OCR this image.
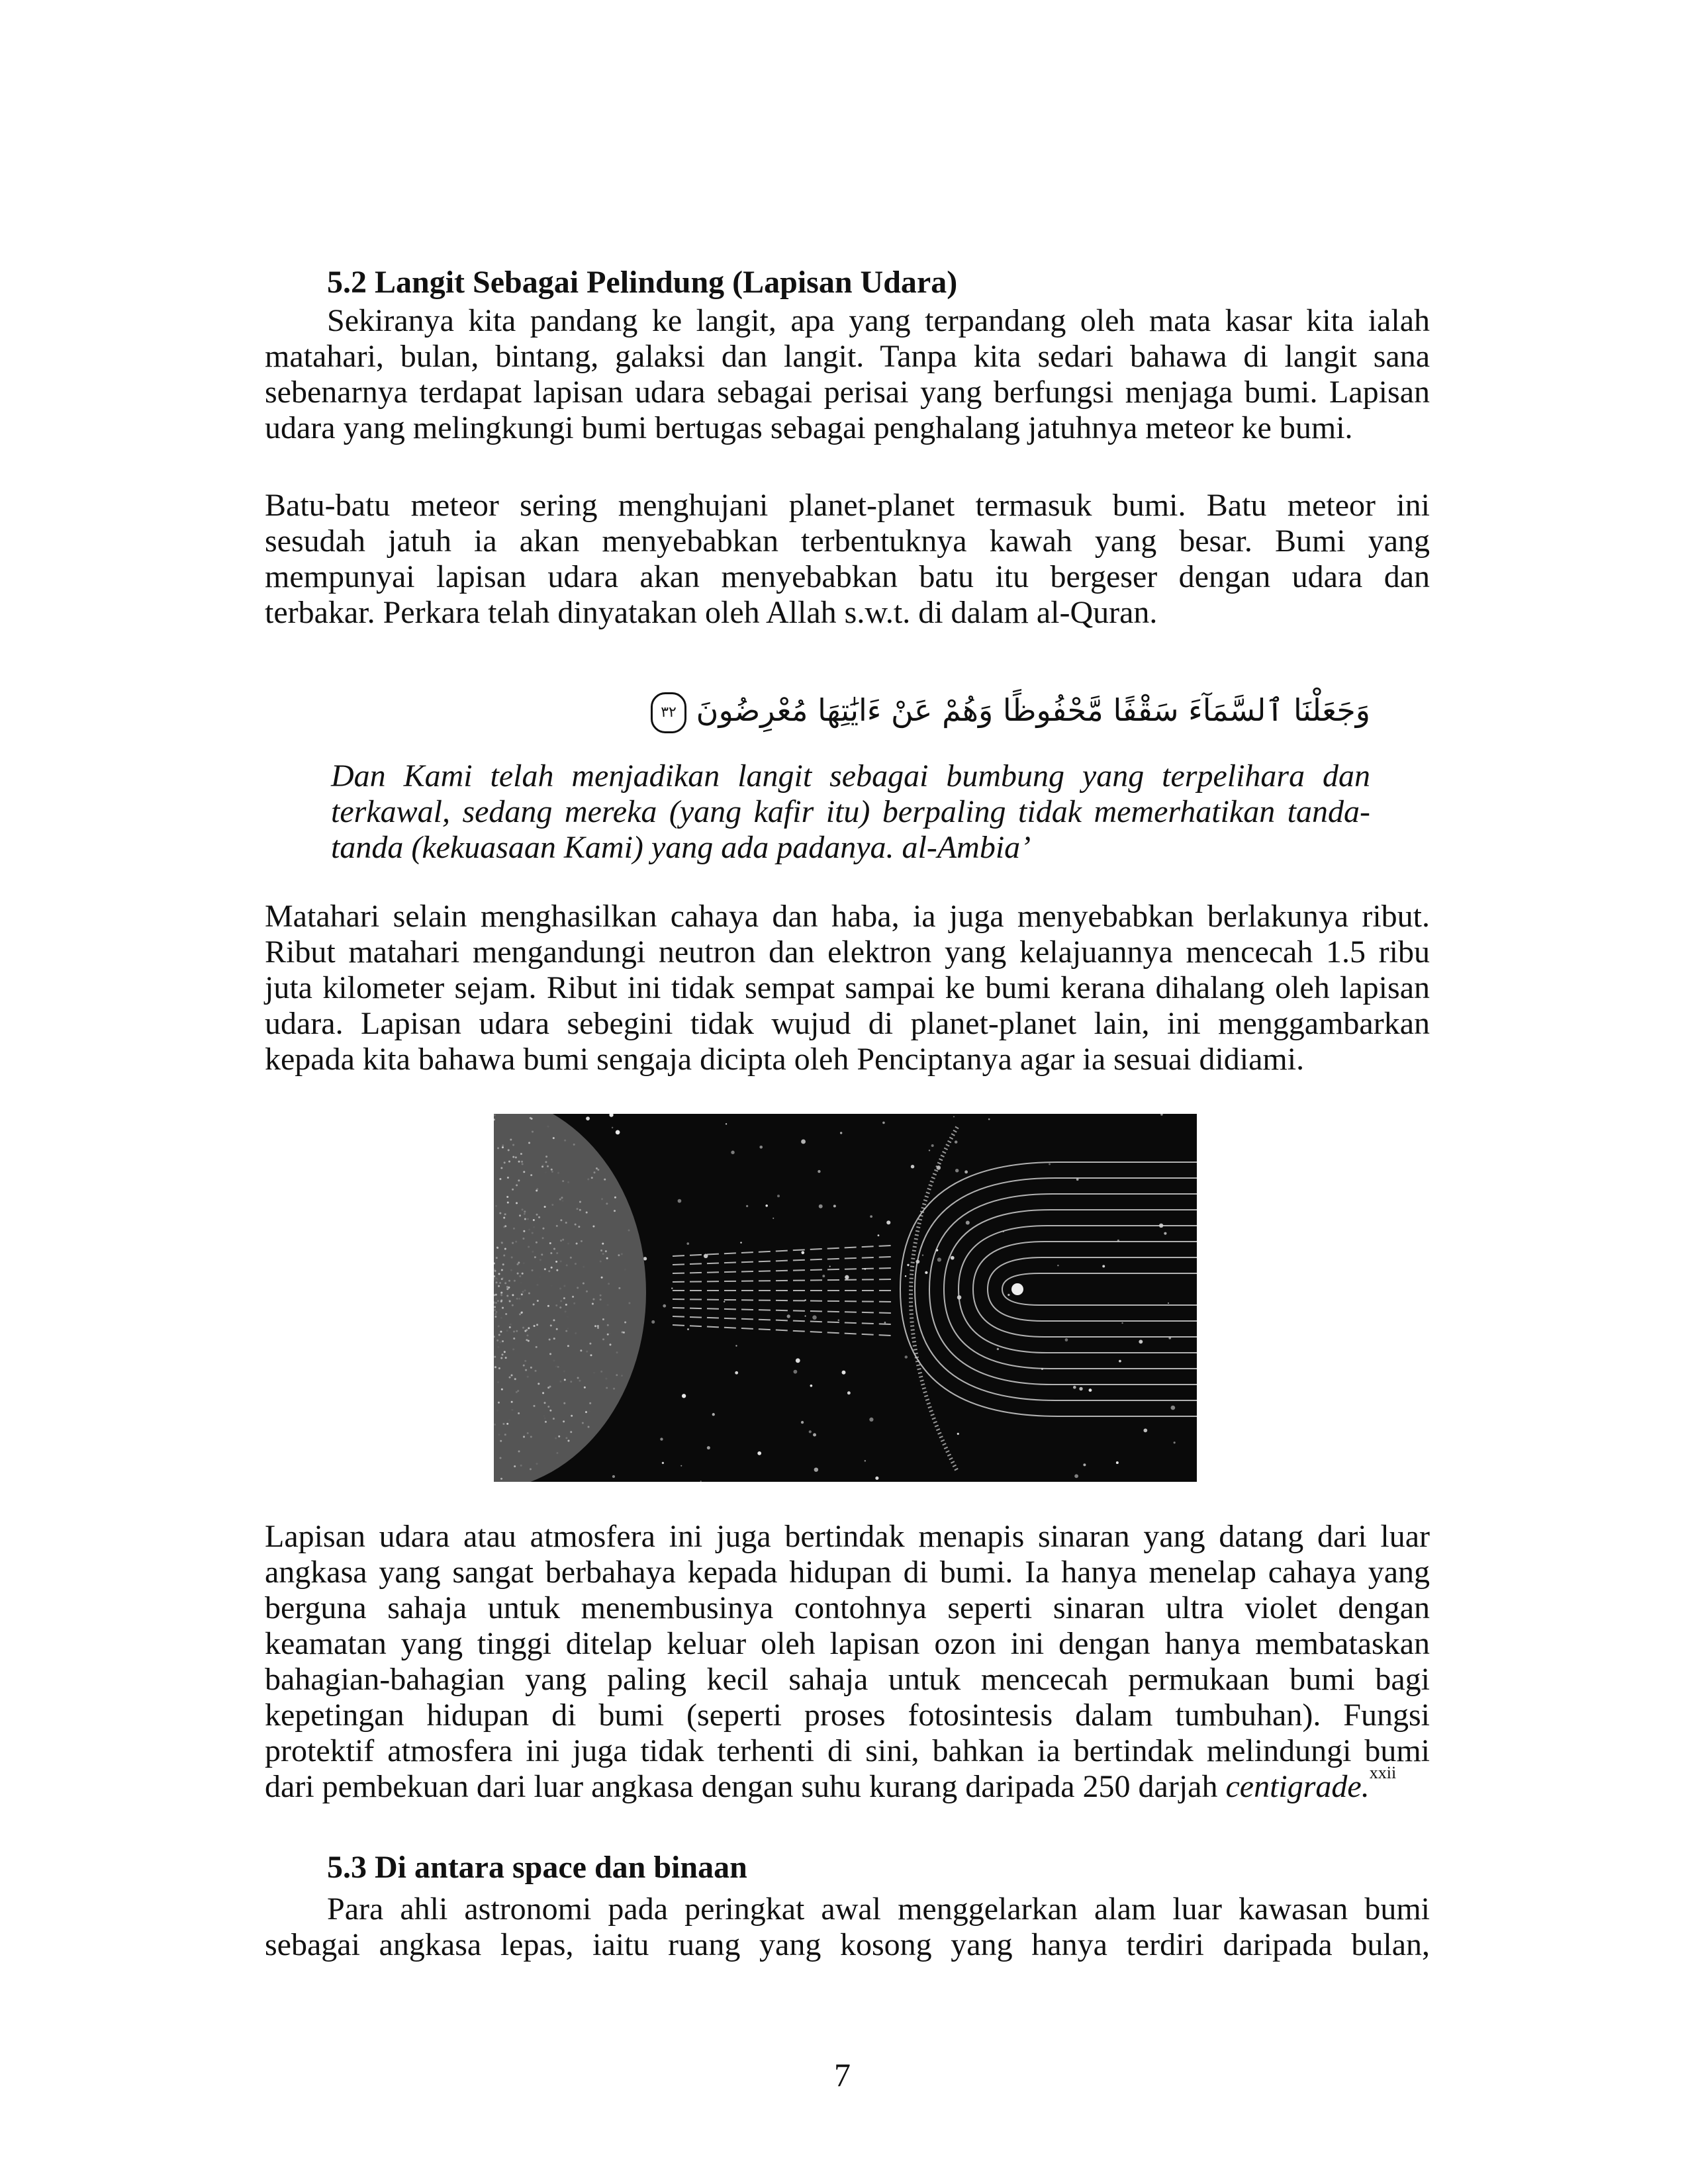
5.2 Langit Sebagai Pelindung (Lapisan Udara)
Sekiranya kita pandang ke langit, apa yang terpandang oleh mata kasar kita ialah
matahari, bulan, bintang, galaksi dan langit. Tanpa kita sedari bahawa di langit sana
sebenarnya terdapat lapisan udara sebagai perisai yang berfungsi menjaga bumi. Lapisan
udara yang melingkungi bumi bertugas sebagai penghalang jatuhnya meteor ke bumi.
Batu-batu meteor sering menghujani planet-planet termasuk bumi. Batu meteor ini
sesudah jatuh ia akan menyebabkan terbentuknya kawah yang besar. Bumi yang
mempunyai lapisan udara akan menyebabkan batu itu bergeser dengan udara dan
terbakar. Perkara telah dinyatakan oleh Allah s.w.t. di dalam al-Quran.
وَجَعَلْنَا ٱلسَّمَآءَ سَقْفًا مَّحْفُوظًا وَهُمْ عَنْ ءَايَٰتِهَا مُعْرِضُونَ ٣٢
Dan Kami telah menjadikan langit sebagai bumbung yang terpelihara dan
terkawal, sedang mereka (yang kafir itu) berpaling tidak memerhatikan tanda-
tanda (kekuasaan Kami) yang ada padanya. al-Ambia’
Matahari selain menghasilkan cahaya dan haba, ia juga menyebabkan berlakunya ribut.
Ribut matahari mengandungi neutron dan elektron yang kelajuannya mencecah 1.5 ribu
juta kilometer sejam. Ribut ini tidak sempat sampai ke bumi kerana dihalang oleh lapisan
udara. Lapisan udara sebegini tidak wujud di planet-planet lain, ini menggambarkan
kepada kita bahawa bumi sengaja dicipta oleh Penciptanya agar ia sesuai didiami.
Lapisan udara atau atmosfera ini juga bertindak menapis sinaran yang datang dari luar
angkasa yang sangat berbahaya kepada hidupan di bumi. Ia hanya menelap cahaya yang
berguna sahaja untuk menembusinya contohnya seperti sinaran ultra violet dengan
keamatan yang tinggi ditelap keluar oleh lapisan ozon ini dengan hanya membataskan
bahagian-bahagian yang paling kecil sahaja untuk mencecah permukaan bumi bagi
kepetingan hidupan di bumi (seperti proses fotosintesis dalam tumbuhan). Fungsi
protektif atmosfera ini juga tidak terhenti di sini, bahkan ia bertindak melindungi bumi
dari pembekuan dari luar angkasa dengan suhu kurang daripada 250 darjah centigrade.$^{xxii}$
5.3 Di antara space dan binaan
Para ahli astronomi pada peringkat awal menggelarkan alam luar kawasan bumi
sebagai angkasa lepas, iaitu ruang yang kosong yang hanya terdiri daripada bulan,
7
